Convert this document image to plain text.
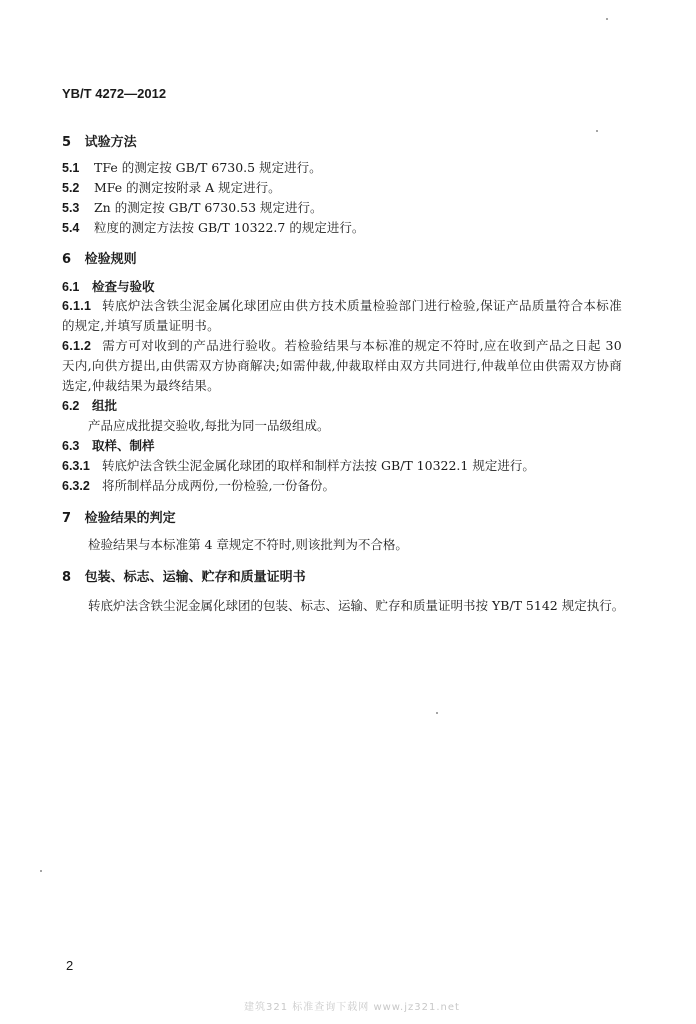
YB/T 4272—2012
5 试验方法
5.1 TFe 的测定按 GB/T 6730.5 规定进行。
5.2 MFe 的测定按附录 A 规定进行。
5.3 Zn 的测定按 GB/T 6730.53 规定进行。
5.4 粒度的测定方法按 GB/T 10322.7 的规定进行。
6 检验规则
6.1 检查与验收
6.1.1 转底炉法含铁尘泥金属化球团应由供方技术质量检验部门进行检验,保证产品质量符合本标准的规定,并填写质量证明书。
6.1.2 需方可对收到的产品进行验收。若检验结果与本标准的规定不符时,应在收到产品之日起 30 天内,向供方提出,由供需双方协商解决;如需仲裁,仲裁取样由双方共同进行,仲裁单位由供需双方协商选定,仲裁结果为最终结果。
6.2 组批
产品应成批提交验收,每批为同一品级组成。
6.3 取样、制样
6.3.1 转底炉法含铁尘泥金属化球团的取样和制样方法按 GB/T 10322.1 规定进行。
6.3.2 将所制样品分成两份,一份检验,一份备份。
7 检验结果的判定
检验结果与本标准第 4 章规定不符时,则该批判为不合格。
8 包装、标志、运输、贮存和质量证明书
转底炉法含铁尘泥金属化球团的包装、标志、运输、贮存和质量证明书按 YB/T 5142 规定执行。
2
建筑321 标准查询下载网 www.jz321.net
